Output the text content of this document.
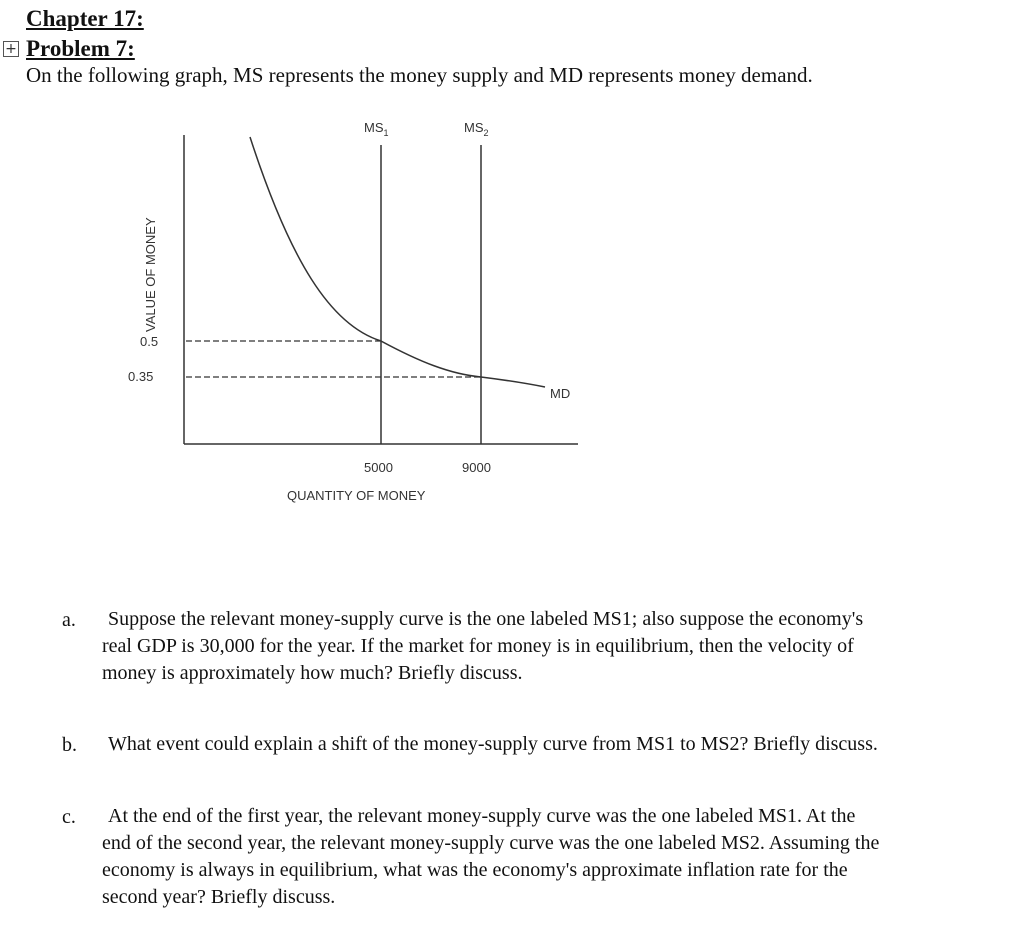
+

Chapter 17:

Problem 7:

On the following graph, MS represents the money supply and MD represents money demand.

$MS_1$	$MS_2$
MD
0.5
0.35
5000	9000
QUANTITY OF MONEY
VALUE OF MONEY
a.	Suppose the relevant money-supply curve is the one labeled MS1; also suppose the economy's
real GDP is 30,000 for the year. If the market for money is in equilibrium, then the velocity of
money is approximately how much? Briefly discuss.
b.	What event could explain a shift of the money-supply curve from MS1 to MS2? Briefly discuss.
c.	At the end of the first year, the relevant money-supply curve was the one labeled MS1. At the
end of the second year, the relevant money-supply curve was the one labeled MS2. Assuming the
economy is always in equilibrium, what was the economy's approximate inflation rate for the
second year? Briefly discuss.
